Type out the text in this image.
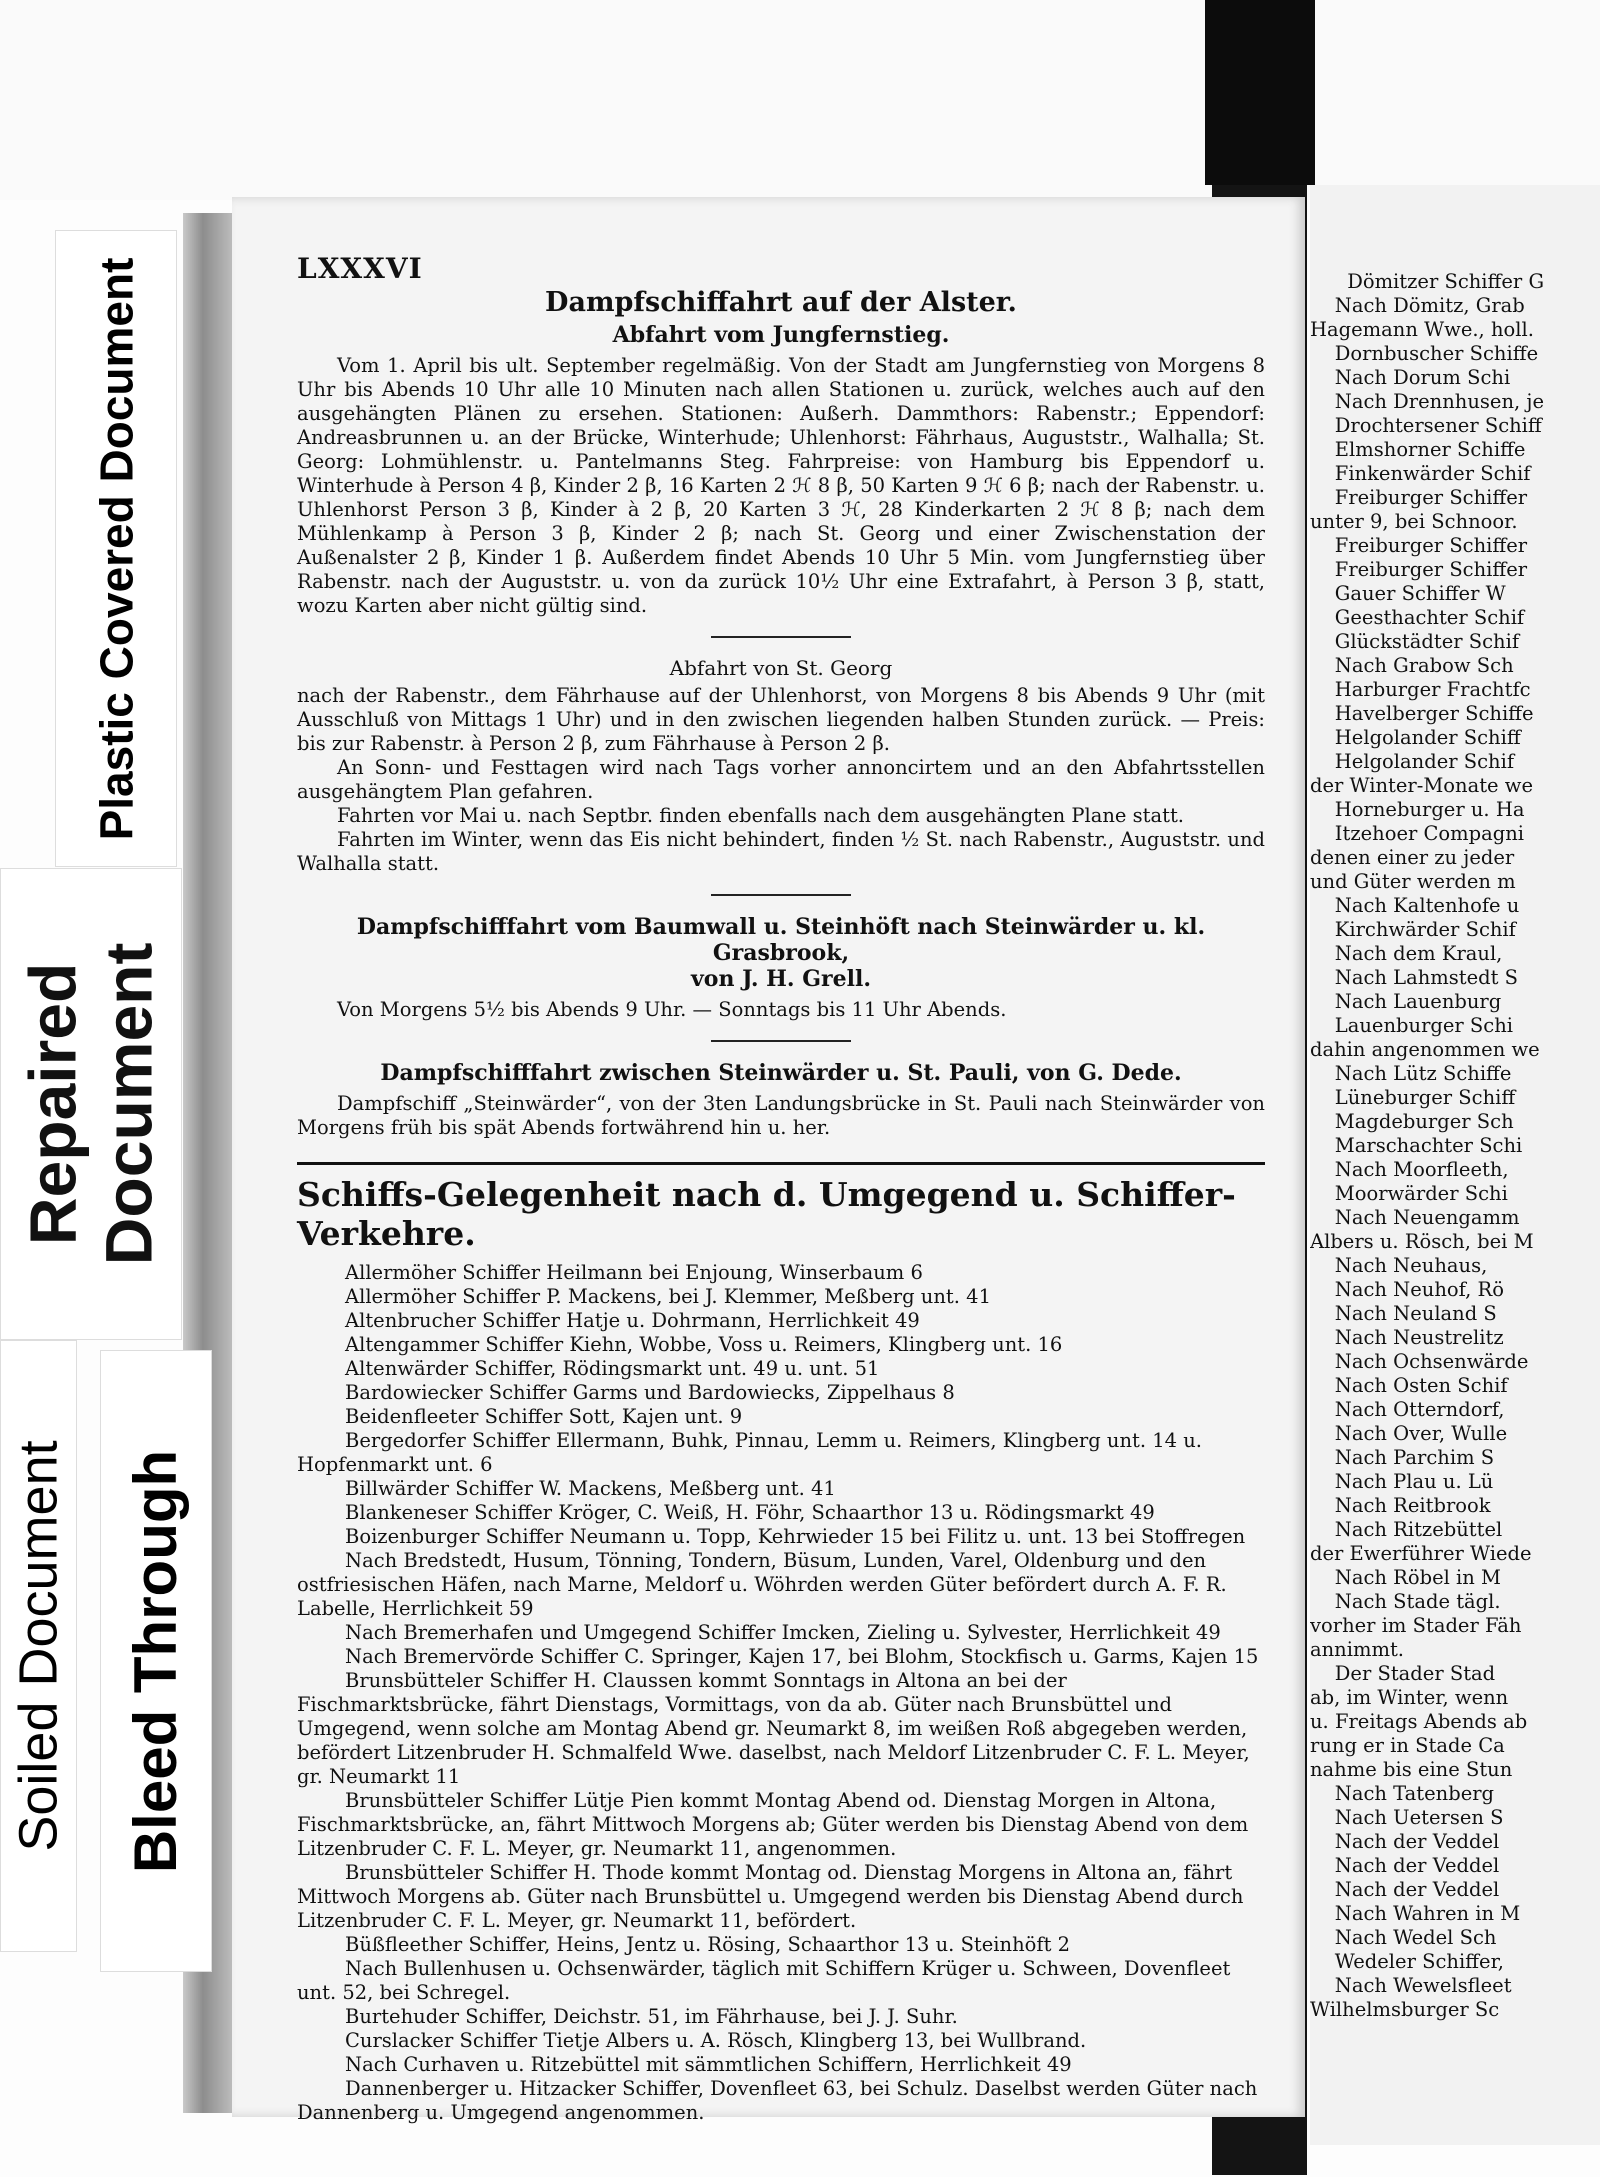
Plastic Covered Document
Repaired Document
Soiled Document Bleed Through
LXXXVI
Dampfschiffahrt auf der Alster.
Abfahrt vom Jungfernstieg.

Vom 1. April bis ult. September regelmäßig. Von der Stadt am Jungfernstieg von Morgens 8 Uhr bis Abends 10 Uhr alle 10 Minuten nach allen Stationen u. zurück, welches auch auf den ausgehängten Plänen zu ersehen. Stationen: Außerh. Dammthors: Rabenstr.; Eppendorf: Andreasbrunnen u. an der Brücke, Winterhude; Uhlenhorst: Fährhaus, Auguststr., Walhalla; St. Georg: Lohmühlenstr. u. Pantelmanns Steg. Fahrpreise: von Hamburg bis Eppendorf u. Winterhude à Person 4 β, Kinder 2 β, 16 Karten 2 ℋ 8 β, 50 Karten 9 ℋ 6 β; nach der Rabenstr. u. Uhlenhorst Person 3 β, Kinder à 2 β, 20 Karten 3 ℋ, 28 Kinderkarten 2 ℋ 8 β; nach dem Mühlenkamp à Person 3 β, Kinder 2 β; nach St. Georg und einer Zwischenstation der Außenalster 2 β, Kinder 1 β. Außerdem findet Abends 10 Uhr 5 Min. vom Jungfernstieg über Rabenstr. nach der Auguststr. u. von da zurück 10½ Uhr eine Extrafahrt, à Person 3 β, statt, wozu Karten aber nicht gültig sind.

Abfahrt von St. Georg

nach der Rabenstr., dem Fährhause auf der Uhlenhorst, von Morgens 8 bis Abends 9 Uhr (mit Ausschluß von Mittags 1 Uhr) und in den zwischen liegenden halben Stunden zurück. — Preis: bis zur Rabenstr. à Person 2 β, zum Fährhause à Person 2 β.

An Sonn- und Festtagen wird nach Tags vorher annoncirtem und an den Abfahrtsstellen ausgehängtem Plan gefahren.

Fahrten vor Mai u. nach Septbr. finden ebenfalls nach dem ausgehängten Plane statt.

Fahrten im Winter, wenn das Eis nicht behindert, finden ½ St. nach Rabenstr., Auguststr. und Walhalla statt.

Dampfschifffahrt vom Baumwall u. Steinhöft nach Steinwärder u. kl. Grasbrook,
von J. H. Grell.

Von Morgens 5½ bis Abends 9 Uhr. — Sonntags bis 11 Uhr Abends.

Dampfschifffahrt zwischen Steinwärder u. St. Pauli, von G. Dede.

Dampfschiff „Steinwärder“, von der 3ten Landungsbrücke in St. Pauli nach Steinwärder von Morgens früh bis spät Abends fortwährend hin u. her.

Schiffs-Gelegenheit nach d. Umgegend u. Schiffer-Verkehre.

Allermöher Schiffer Heilmann bei Enjoung, Winserbaum 6

Allermöher Schiffer P. Mackens, bei J. Klemmer, Meßberg unt. 41

Altenbrucher Schiffer Hatje u. Dohrmann, Herrlichkeit 49

Altengammer Schiffer Kiehn, Wobbe, Voss u. Reimers, Klingberg unt. 16

Altenwärder Schiffer, Rödingsmarkt unt. 49 u. unt. 51

Bardowiecker Schiffer Garms und Bardowiecks, Zippelhaus 8

Beidenfleeter Schiffer Sott, Kajen unt. 9

Bergedorfer Schiffer Ellermann, Buhk, Pinnau, Lemm u. Reimers, Klingberg unt. 14 u. Hopfenmarkt unt. 6

Billwärder Schiffer W. Mackens, Meßberg unt. 41

Blankeneser Schiffer Kröger, C. Weiß, H. Föhr, Schaarthor 13 u. Rödingsmarkt 49

Boizenburger Schiffer Neumann u. Topp, Kehrwieder 15 bei Filitz u. unt. 13 bei Stoffregen

Nach Bredstedt, Husum, Tönning, Tondern, Büsum, Lunden, Varel, Oldenburg und den ostfriesischen Häfen, nach Marne, Meldorf u. Wöhrden werden Güter befördert durch A. F. R. Labelle, Herrlichkeit 59

Nach Bremerhafen und Umgegend Schiffer Imcken, Zieling u. Sylvester, Herrlichkeit 49

Nach Bremervörde Schiffer C. Springer, Kajen 17, bei Blohm, Stockfisch u. Garms, Kajen 15

Brunsbütteler Schiffer H. Claussen kommt Sonntags in Altona an bei der Fischmarktsbrücke, fährt Dienstags, Vormittags, von da ab. Güter nach Brunsbüttel und Umgegend, wenn solche am Montag Abend gr. Neumarkt 8, im weißen Roß abgegeben werden, befördert Litzenbruder H. Schmalfeld Wwe. daselbst, nach Meldorf Litzenbruder C. F. L. Meyer, gr. Neumarkt 11

Brunsbütteler Schiffer Lütje Pien kommt Montag Abend od. Dienstag Morgen in Altona, Fischmarktsbrücke, an, fährt Mittwoch Morgens ab; Güter werden bis Dienstag Abend von dem Litzenbruder C. F. L. Meyer, gr. Neumarkt 11, angenommen.

Brunsbütteler Schiffer H. Thode kommt Montag od. Dienstag Morgens in Altona an, fährt Mittwoch Morgens ab. Güter nach Brunsbüttel u. Umgegend werden bis Dienstag Abend durch Litzenbruder C. F. L. Meyer, gr. Neumarkt 11, befördert.

Büßfleether Schiffer, Heins, Jentz u. Rösing, Schaarthor 13 u. Steinhöft 2

Nach Bullenhusen u. Ochsenwärder, täglich mit Schiffern Krüger u. Schween, Dovenfleet unt. 52, bei Schregel.

Burtehuder Schiffer, Deichstr. 51, im Fährhause, bei J. J. Suhr.

Curslacker Schiffer Tietje Albers u. A. Rösch, Klingberg 13, bei Wullbrand.

Nach Curhaven u. Ritzebüttel mit sämmtlichen Schiffern, Herrlichkeit 49

Dannenberger u. Hitzacker Schiffer, Dovenfleet 63, bei Schulz. Daselbst werden Güter nach Dannenberg u. Umgegend angenommen.

Dömitzer Schiffer G

Nach Dömitz, Grab

Hagemann Wwe., holl.

Dornbuscher Schiffe

Nach Dorum Schi

Nach Drennhusen, je

Drochtersener Schiff

Elmshorner Schiffe

Finkenwärder Schif

Freiburger Schiffer

unter 9, bei Schnoor.

Freiburger Schiffer

Freiburger Schiffer

Gauer Schiffer W

Geesthachter Schif

Glückstädter Schif

Nach Grabow Sch

Harburger Frachtfc

Havelberger Schiffe

Helgolander Schiff

Helgolander Schif

der Winter-Monate we

Horneburger u. Ha

Itzehoer Compagni

denen einer zu jeder

und Güter werden m

Nach Kaltenhofe u

Kirchwärder Schif

Nach dem Kraul,

Nach Lahmstedt S

Nach Lauenburg

Lauenburger Schi

dahin angenommen we

Nach Lütz Schiffe

Lüneburger Schiff

Magdeburger Sch

Marschachter Schi

Nach Moorfleeth,

Moorwärder Schi

Nach Neuengamm

Albers u. Rösch, bei M

Nach Neuhaus,

Nach Neuhof, Rö

Nach Neuland S

Nach Neustrelitz

Nach Ochsenwärde

Nach Osten Schif

Nach Otterndorf,

Nach Over, Wulle

Nach Parchim S

Nach Plau u. Lü

Nach Reitbrook

Nach Ritzebüttel

der Ewerführer Wiede

Nach Röbel in M

Nach Stade tägl.

vorher im Stader Fäh

annimmt.

Der Stader Stad

ab, im Winter, wenn

u. Freitags Abends ab

rung er in Stade Ca

nahme bis eine Stun

Nach Tatenberg

Nach Uetersen S

Nach der Veddel

Nach der Veddel

Nach der Veddel

Nach Wahren in M

Nach Wedel Sch

Wedeler Schiffer,

Nach Wewelsfleet

Wilhelmsburger Sc
